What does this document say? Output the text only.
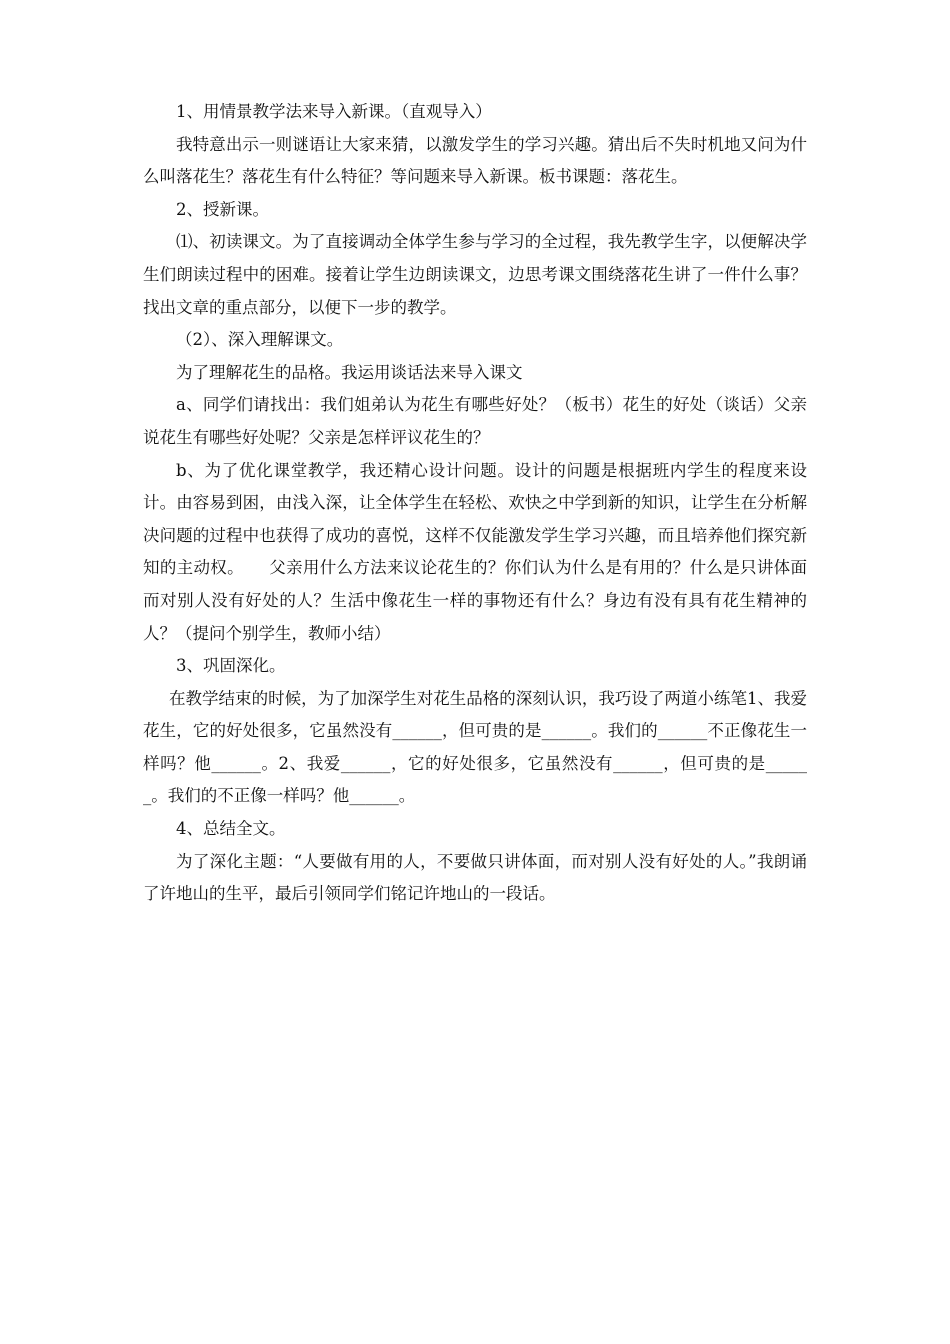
1、用情景教学法来导入新课。（直观导入）

我特意出示一则谜语让大家来猜，以激发学生的学习兴趣。猜出后不失时机地又问为什么叫落花生？落花生有什么特征？等问题来导入新课。板书课题：落花生。

2、授新课。

⑴、初读课文。为了直接调动全体学生参与学习的全过程，我先教学生字，以便解决学生们朗读过程中的困难。接着让学生边朗读课文，边思考课文围绕落花生讲了一件什么事？找出文章的重点部分，以便下一步的教学。

（2）、深入理解课文。

为了理解花生的品格。我运用谈话法来导入课文

a、同学们请找出：我们姐弟认为花生有哪些好处？（板书）花生的好处（谈话）父亲说花生有哪些好处呢？父亲是怎样评议花生的？

b、为了优化课堂教学，我还精心设计问题。设计的问题是根据班内学生的程度来设计。由容易到困，由浅入深，让全体学生在轻松、欢快之中学到新的知识，让学生在分析解决问题的过程中也获得了成功的喜悦，这样不仅能激发学生学习兴趣，而且培养他们探究新知的主动权。　　父亲用什么方法来议论花生的？你们认为什么是有用的？什么是只讲体面而对别人没有好处的人？生活中像花生一样的事物还有什么？身边有没有具有花生精神的人？（提问个别学生，教师小结）

3、巩固深化。

在教学结束的时候，为了加深学生对花生品格的深刻认识，我巧设了两道小练笔1、我爱花生，它的好处很多，它虽然没有______，但可贵的是______。我们的______不正像花生一样吗？他______。2、我爱______，它的好处很多，它虽然没有______，但可贵的是______。我们的不正像一样吗？他______。

4、总结全文。

为了深化主题：“人要做有用的人，不要做只讲体面，而对别人没有好处的人。”我朗诵了许地山的生平，最后引领同学们铭记许地山的一段话。
